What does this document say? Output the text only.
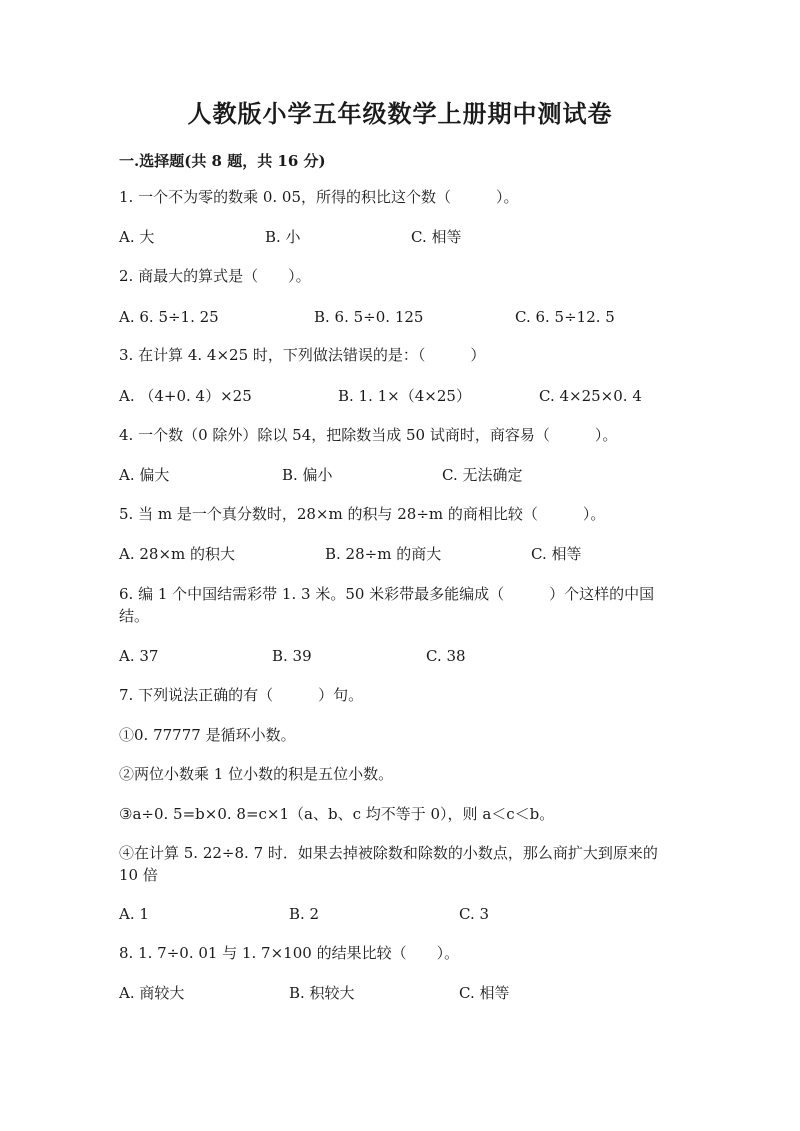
人教版小学五年级数学上册期中测试卷
一.选择题(共 8 题，共 16 分)
1. 一个不为零的数乘 0. 05，所得的积比这个数（　　　）。
A. 大	B. 小	C. 相等
2. 商最大的算式是（　　）。
A. 6. 5÷1. 25	B. 6. 5÷0. 125	C. 6. 5÷12. 5
3. 在计算 4. 4×25 时，下列做法错误的是：（　　　）
A. （4+0. 4）×25	B. 1. 1×（4×25）	C. 4×25×0. 4
4. 一个数（0 除外）除以 54，把除数当成 50 试商时，商容易（　　　）。
A. 偏大	B. 偏小	C. 无法确定
5. 当 m 是一个真分数时，28×m 的积与 28÷m 的商相比较（　　　）。
A. 28×m 的积大	B. 28÷m 的商大	C. 相等
6. 编 1 个中国结需彩带 1. 3 米。50 米彩带最多能编成（　　　）个这样的中国结。
A. 37	B. 39	C. 38
7. 下列说法正确的有（　　　）句。
①0. 77777 是循环小数。
②两位小数乘 1 位小数的积是五位小数。
③a÷0. 5=b×0. 8=c×1（a、b、c 均不等于 0），则 a＜c＜b。
④在计算 5. 22÷8. 7 时．如果去掉被除数和除数的小数点，那么商扩大到原来的 10 倍
A. 1	B. 2	C. 3
8. 1. 7÷0. 01 与 1. 7×100 的结果比较（　　）。
A. 商较大	B. 积较大	C. 相等
